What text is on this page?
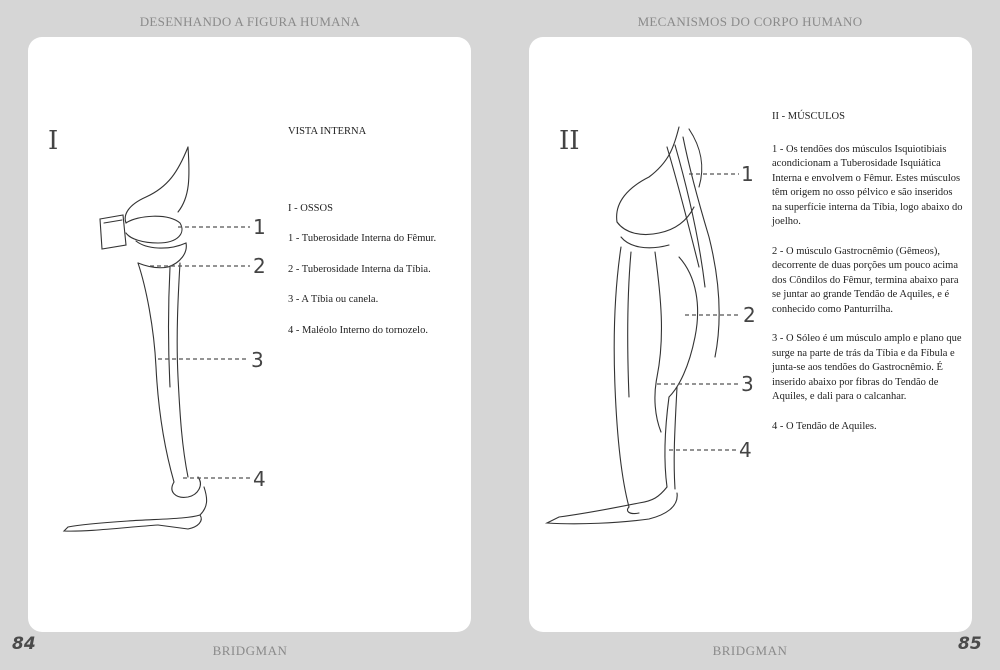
DESENHANDO A FIGURA HUMANA	MECANISMOS DO CORPO HUMANO
I
1
2
3
4

VISTA INTERNA

I - OSSOS

1 - Tuberosidade Interna do Fêmur.

2 - Tuberosidade Interna da Tíbia.

3 - A Tíbia ou canela.

4 - Maléolo Interno do tornozelo.

II
1
2
3
4

II - MÚSCULOS

1 - Os tendões dos músculos Isquiotibiais acondicionam a Tuberosidade Isquiática Interna e envolvem o Fêmur. Estes músculos têm origem no osso pélvico e são inseridos na superfície interna da Tíbia, logo abaixo do joelho.

2 - O músculo Gastrocnêmio (Gêmeos), decorrente de duas porções um pouco acima dos Côndilos do Fêmur, termina abaixo para se juntar ao grande Tendão de Aquiles, e é conhecido como Panturrilha.

3 - O Sóleo é um músculo amplo e plano que surge na parte de trás da Tíbia e da Fíbula e junta-se aos tendões do Gastrocnêmio. É inserido abaixo por fibras do Tendão de Aquiles, e dali para o calcanhar.

4 - O Tendão de Aquiles.

84	BRIDGMAN	BRIDGMAN	85
